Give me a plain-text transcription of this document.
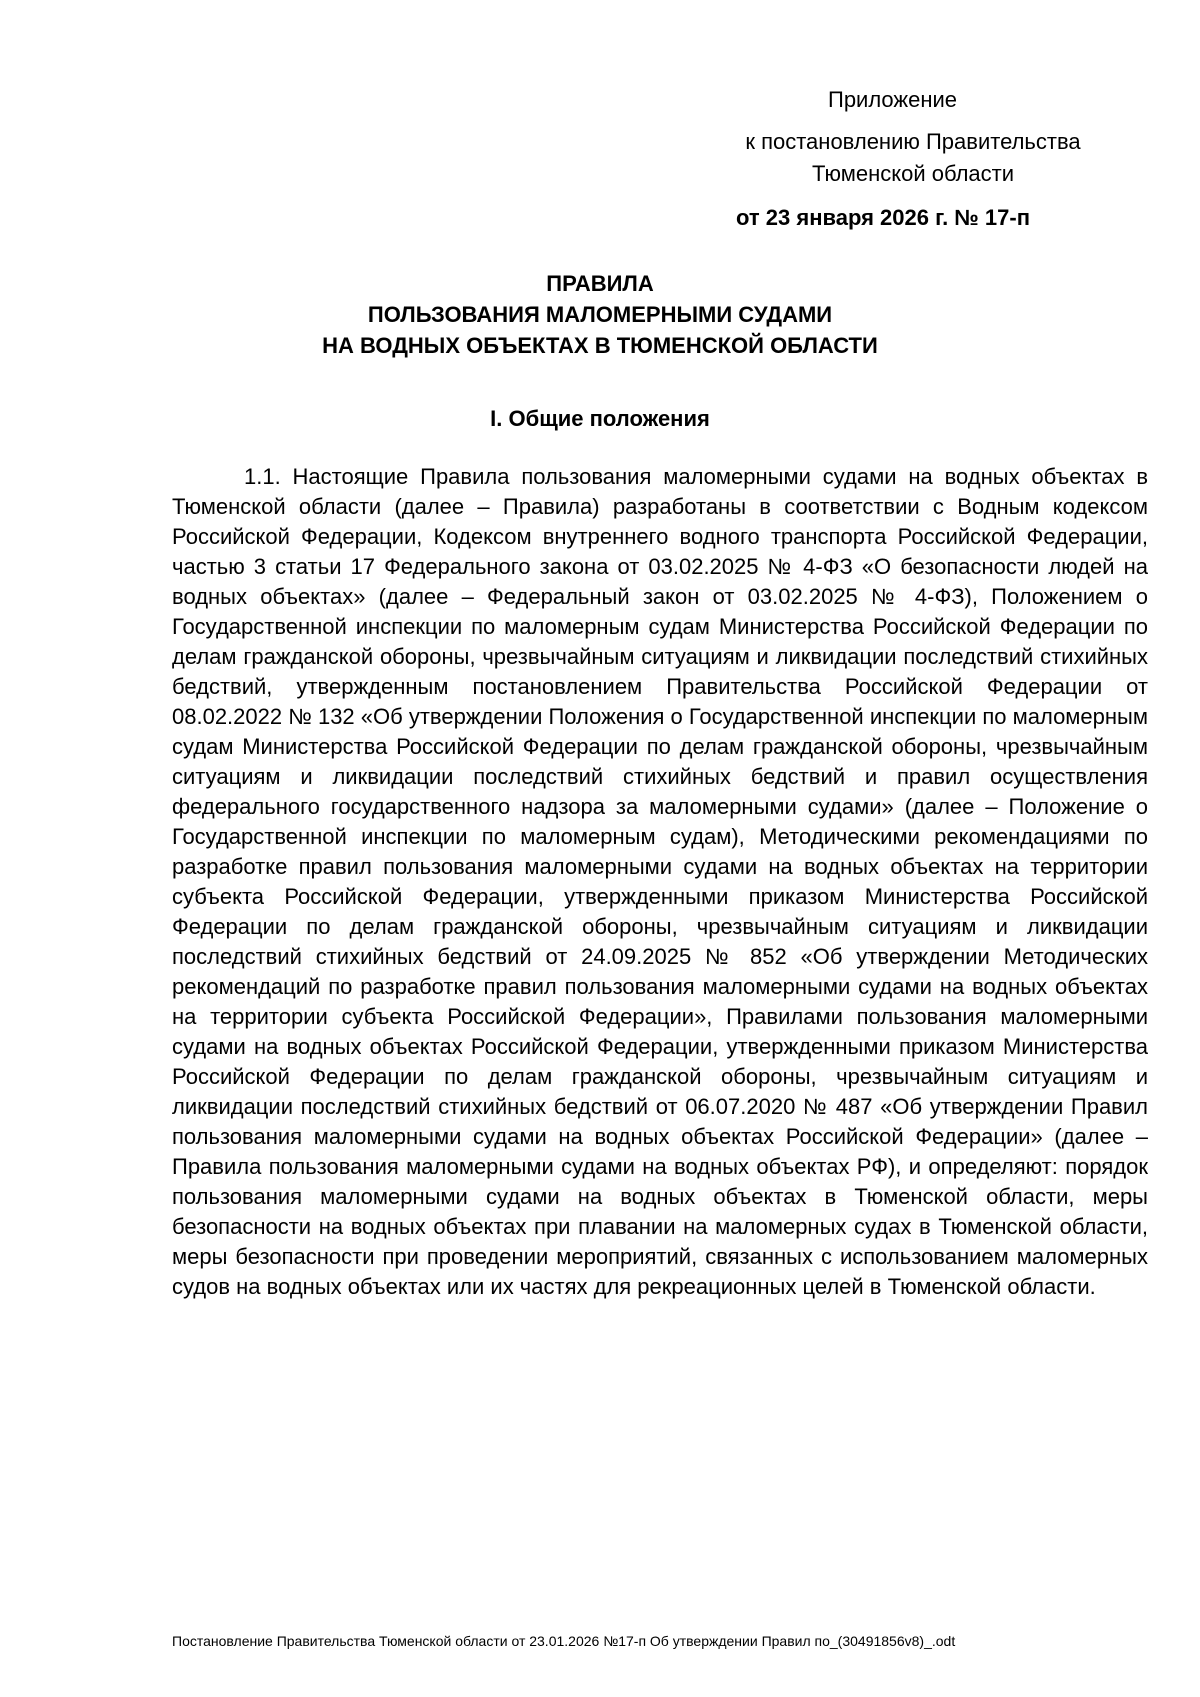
Приложение
к постановлению Правительства
Тюменской области
от 23 января 2026 г. № 17-п
ПРАВИЛА
ПОЛЬЗОВАНИЯ МАЛОМЕРНЫМИ СУДАМИ
НА ВОДНЫХ ОБЪЕКТАХ В ТЮМЕНСКОЙ ОБЛАСТИ
I. Общие положения

1.1. Настоящие Правила пользования маломерными судами на водных объектах в Тюменской области (далее – Правила) разработаны в соответствии с Водным кодексом Российской Федерации, Кодексом внутреннего водного транспорта Российской Федерации, частью 3 статьи 17 Федерального закона от 03.02.2025 № 4-ФЗ «О безопасности людей на водных объектах» (далее – Федеральный закон от 03.02.2025 № 4-ФЗ), Положением о Государственной инспекции по маломерным судам Министерства Российской Федерации по делам гражданской обороны, чрезвычайным ситуациям и ликвидации последствий стихийных бедствий, утвержденным постановлением Правительства Российской Федерации от 08.02.2022 № 132 «Об утверждении Положения о Государственной инспекции по маломерным судам Министерства Российской Федерации по делам гражданской обороны, чрезвычайным ситуациям и ликвидации последствий стихийных бедствий и правил осуществления федерального государственного надзора за маломерными судами» (далее – Положение о Государственной инспекции по маломерным судам), Методическими рекомендациями по разработке правил пользования маломерными судами на водных объектах на территории субъекта Российской Федерации, утвержденными приказом Министерства Российской Федерации по делам гражданской обороны, чрезвычайным ситуациям и ликвидации последствий стихийных бедствий от 24.09.2025 № 852 «Об утверждении Методических рекомендаций по разработке правил пользования маломерными судами на водных объектах на территории субъекта Российской Федерации», Правилами пользования маломерными судами на водных объектах Российской Федерации, утвержденными приказом Министерства Российской Федерации по делам гражданской обороны, чрезвычайным ситуациям и ликвидации последствий стихийных бедствий от 06.07.2020 № 487 «Об утверждении Правил пользования маломерными судами на водных объектах Российской Федерации» (далее – Правила пользования маломерными судами на водных объектах РФ), и определяют: порядок пользования маломерными судами на водных объектах в Тюменской области, меры безопасности на водных объектах при плавании на маломерных судах в Тюменской области, меры безопасности при проведении мероприятий, связанных с использованием маломерных судов на водных объектах или их частях для рекреационных целей в Тюменской области.

Постановление Правительства Тюменской области от 23.01.2026 №17-п Об утверждении Правил по_(30491856v8)_.odt
